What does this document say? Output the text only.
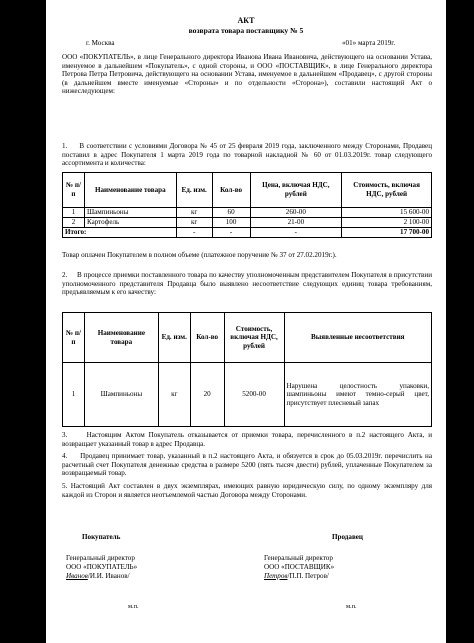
АКТ
возврата товара поставщику № 5
г. Москва	«01» марта 2019г.

ООО «ПОКУПАТЕЛЬ», в лице Генерального директора Иванова Ивана Ивановича, действующего на основании Устава, именуемое в дальнейшем «Покупатель», с одной стороны, и ООО «ПОСТАВЩИК», в лице Генерального директора Петрова Петра Петровича, действующего на основании Устава, именуемое в дальнейшем «Продавец», с другой стороны (в дальнейшем вместе именуемые «Стороны» и по отдельности «Сторона»), составили настоящий Акт о нижеследующем:

1.     В соответствии с условиями Договора № 45 от 25 февраля 2019 года, заключенного между Сторонами, Продавец поставил в адрес Покупателя 1 марта 2019 года по товарной накладной № 60 от 01.03.2019г. товар следующего ассортимента и количества:

№ п/п	Наименование товара	Ед. изм.	Кол-во	Цена, включая НДС, рублей	Стоимость, включая НДС, рублей
1	Шампиньоны	кг	60	260-00	15 600-00
2	Картофель	кг	100	21-00	2 100-00
Итого:		-	-	-	17 700-00

Товар оплачен Покупателем в полном объеме (платежное поручение № 37 от 27.02.2019г.).

2.     В процессе приемки поставленного товара по качеству уполномоченным представителем Покупателя в присутствии уполномоченного представителя Продавца было выявлено несоответствие следующих единиц товара требованиям, предъявляемым к его качеству:

№ п/п	Наименование товара	Ед. изм.	Кол-во	Стоимость, включая НДС, рублей	Выявленные несоответствия
1	Шампиньоны	кг	20	5200-00	Нарушена целостность упаковки, шампиньоны имеют темно-серый цвет, присутствует плесневый запах

3.     Настоящим Актом Покупатель отказывается от приемки товара, перечисленного в п.2 настоящего Акта, и возвращает указанный товар в адрес Продавца.

4.     Продавец принимает товар, указанный в п.2 настоящего Акта, и обязуется в срок до 05.03.2019г. перечислить на расчетный счет Покупателя денежные средства в размере 5200 (пять тысяч двести) рублей, уплаченные Покупателем за возвращаемый товар.

5. Настоящий Акт составлен в двух экземплярах, имеющих равную юридическую силу, по одному экземпляру для каждой из Сторон и является неотъемлемой частью Договора между Сторонами.

Покупатель	Продавец
Генеральный директор
ООО «ПОКУПАТЕЛЬ»
Иванов/И.И. Иванов/
Генеральный директор
ООО «ПОСТАВЩИК»
Петров/П.П. Петров/
м.п.	м.п.
